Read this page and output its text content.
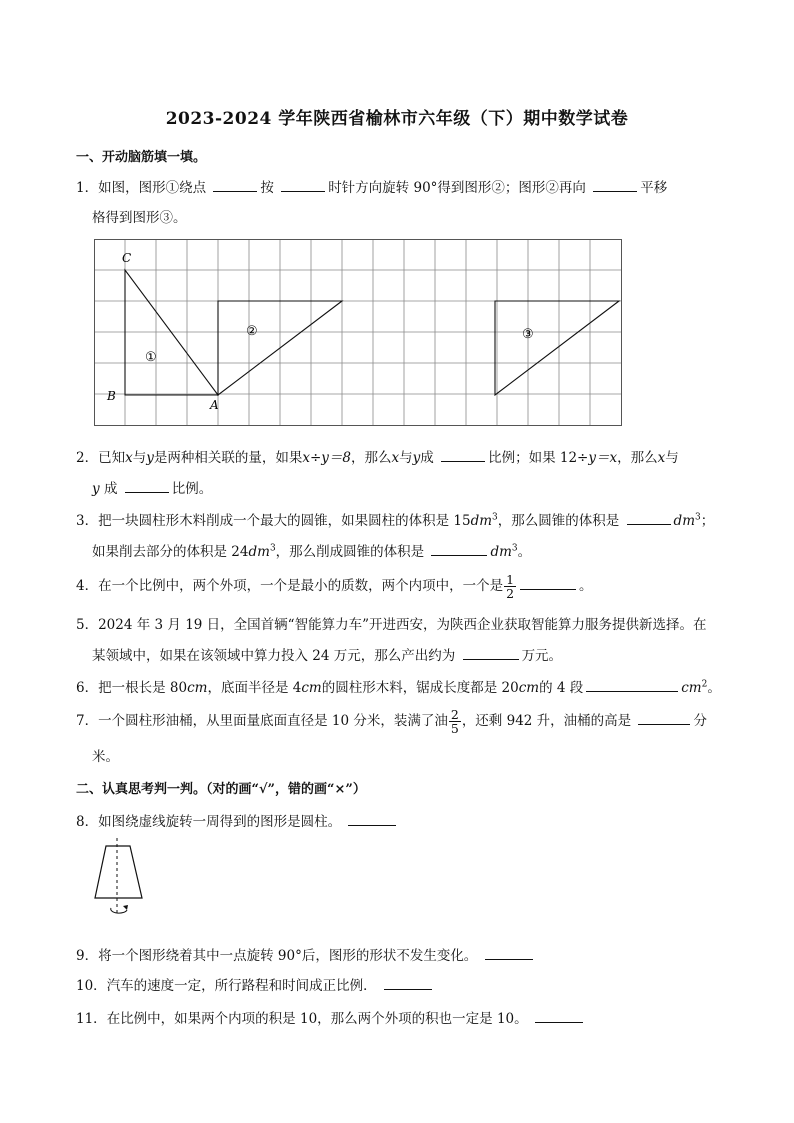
2023-2024 学年陕西省榆林市六年级（下）期中数学试卷
一、开动脑筋填一填。
1．如图，图形①绕点	按	时针方向旋转 90°得到图形②；图形②再向	平移
格得到图形③。
C
B
A
①
②	③
2．已知x与y是两种相关联的量，如果x÷y＝8，那么x与y成	比例；如果 12÷y＝x，那么x与
y 成	比例。
3．把一块圆柱形木料削成一个最大的圆锥，如果圆柱的体积是 $15dm^3$，那么圆锥的体积是	$dm^3$；
如果削去部分的体积是 $24dm^3$，那么削成圆锥的体积是	$dm^3$。
4．在一个比例中，两个外项，一个是最小的质数，两个内项中，一个是 $\frac{1}{2}$	。
5．2024 年 3 月 19 日，全国首辆“智能算力车”开进西安，为陕西企业获取智能算力服务提供新选择。在
某领域中，如果在该领域中算力投入 24 万元，那么产出约为	万元。
6．把一根长是 80cm，底面半径是 4cm的圆柱形木料，锯成长度都是 20cm的 4 段	$cm^2$。
7．一个圆柱形油桶，从里面量底面直径是 10 分米，装满了油 $\frac{2}{5}$ ，还剩 942 升，油桶的高是	分
米。
二、认真思考判一判。（对的画“√”，错的画“×”）
8．如图绕虚线旋转一周得到的图形是圆柱。
9．将一个图形绕着其中一点旋转 90°后，图形的形状不发生变化。
10．汽车的速度一定，所行路程和时间成正比例．
11．在比例中，如果两个内项的积是 10，那么两个外项的积也一定是 10。
